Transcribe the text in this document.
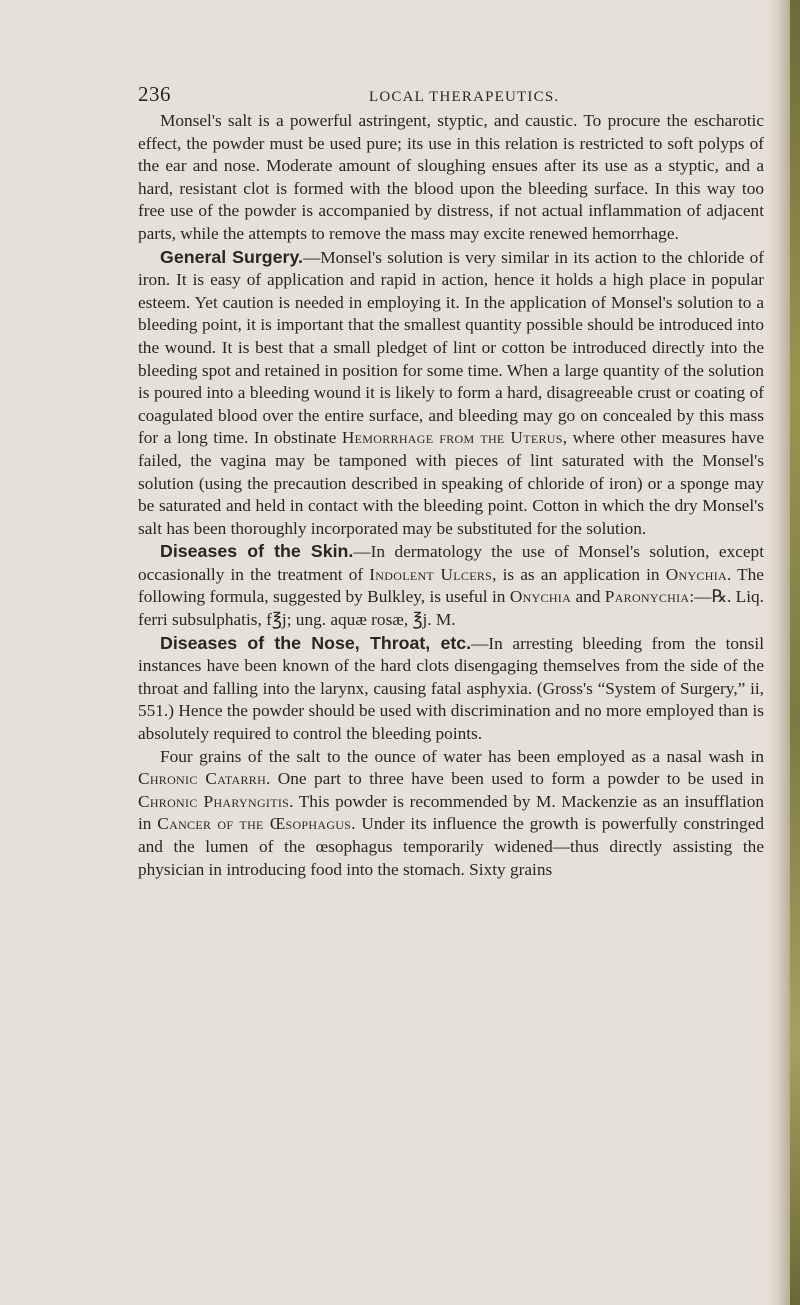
236	LOCAL THERAPEUTICS.

Monsel's salt is a powerful astringent, styptic, and caustic. To procure the escharotic effect, the powder must be used pure; its use in this relation is restricted to soft polyps of the ear and nose. Moderate amount of sloughing ensues after its use as a styptic, and a hard, resistant clot is formed with the blood upon the bleeding surface. In this way too free use of the powder is accompanied by distress, if not actual inflammation of adjacent parts, while the attempts to remove the mass may excite renewed hemorrhage.

General Surgery.—Monsel's solution is very similar in its action to the chloride of iron. It is easy of application and rapid in action, hence it holds a high place in popular esteem. Yet caution is needed in employing it. In the application of Monsel's solution to a bleeding point, it is important that the smallest quantity possible should be introduced into the wound. It is best that a small pledget of lint or cotton be introduced directly into the bleeding spot and retained in position for some time. When a large quantity of the solution is poured into a bleeding wound it is likely to form a hard, disagreeable crust or coating of coagulated blood over the entire surface, and bleeding may go on concealed by this mass for a long time. In obstinate Hemorrhage from the Uterus, where other measures have failed, the vagina may be tamponed with pieces of lint saturated with the Monsel's solution (using the precaution described in speaking of chloride of iron) or a sponge may be saturated and held in contact with the bleeding point. Cotton in which the dry Monsel's salt has been thoroughly incorporated may be substituted for the solution.

Diseases of the Skin.—In dermatology the use of Monsel's solution, except occasionally in the treatment of Indolent Ulcers, is as an application in Onychia. The following formula, suggested by Bulkley, is useful in Onychia and Paronychia:—℞. Liq. ferri subsulphatis, f℥j; ung. aquæ rosæ, ℥j. M.

Diseases of the Nose, Throat, etc.—In arresting bleeding from the tonsil instances have been known of the hard clots disengaging themselves from the side of the throat and falling into the larynx, causing fatal asphyxia. (Gross's “System of Surgery,” ii, 551.) Hence the powder should be used with discrimination and no more employed than is absolutely required to control the bleeding points.

Four grains of the salt to the ounce of water has been employed as a nasal wash in Chronic Catarrh. One part to three have been used to form a powder to be used in Chronic Pharyngitis. This powder is recommended by M. Mackenzie as an insufflation in Cancer of the Œsophagus. Under its influence the growth is powerfully constringed and the lumen of the œsophagus temporarily widened—thus directly assisting the physician in introducing food into the stomach. Sixty grains
